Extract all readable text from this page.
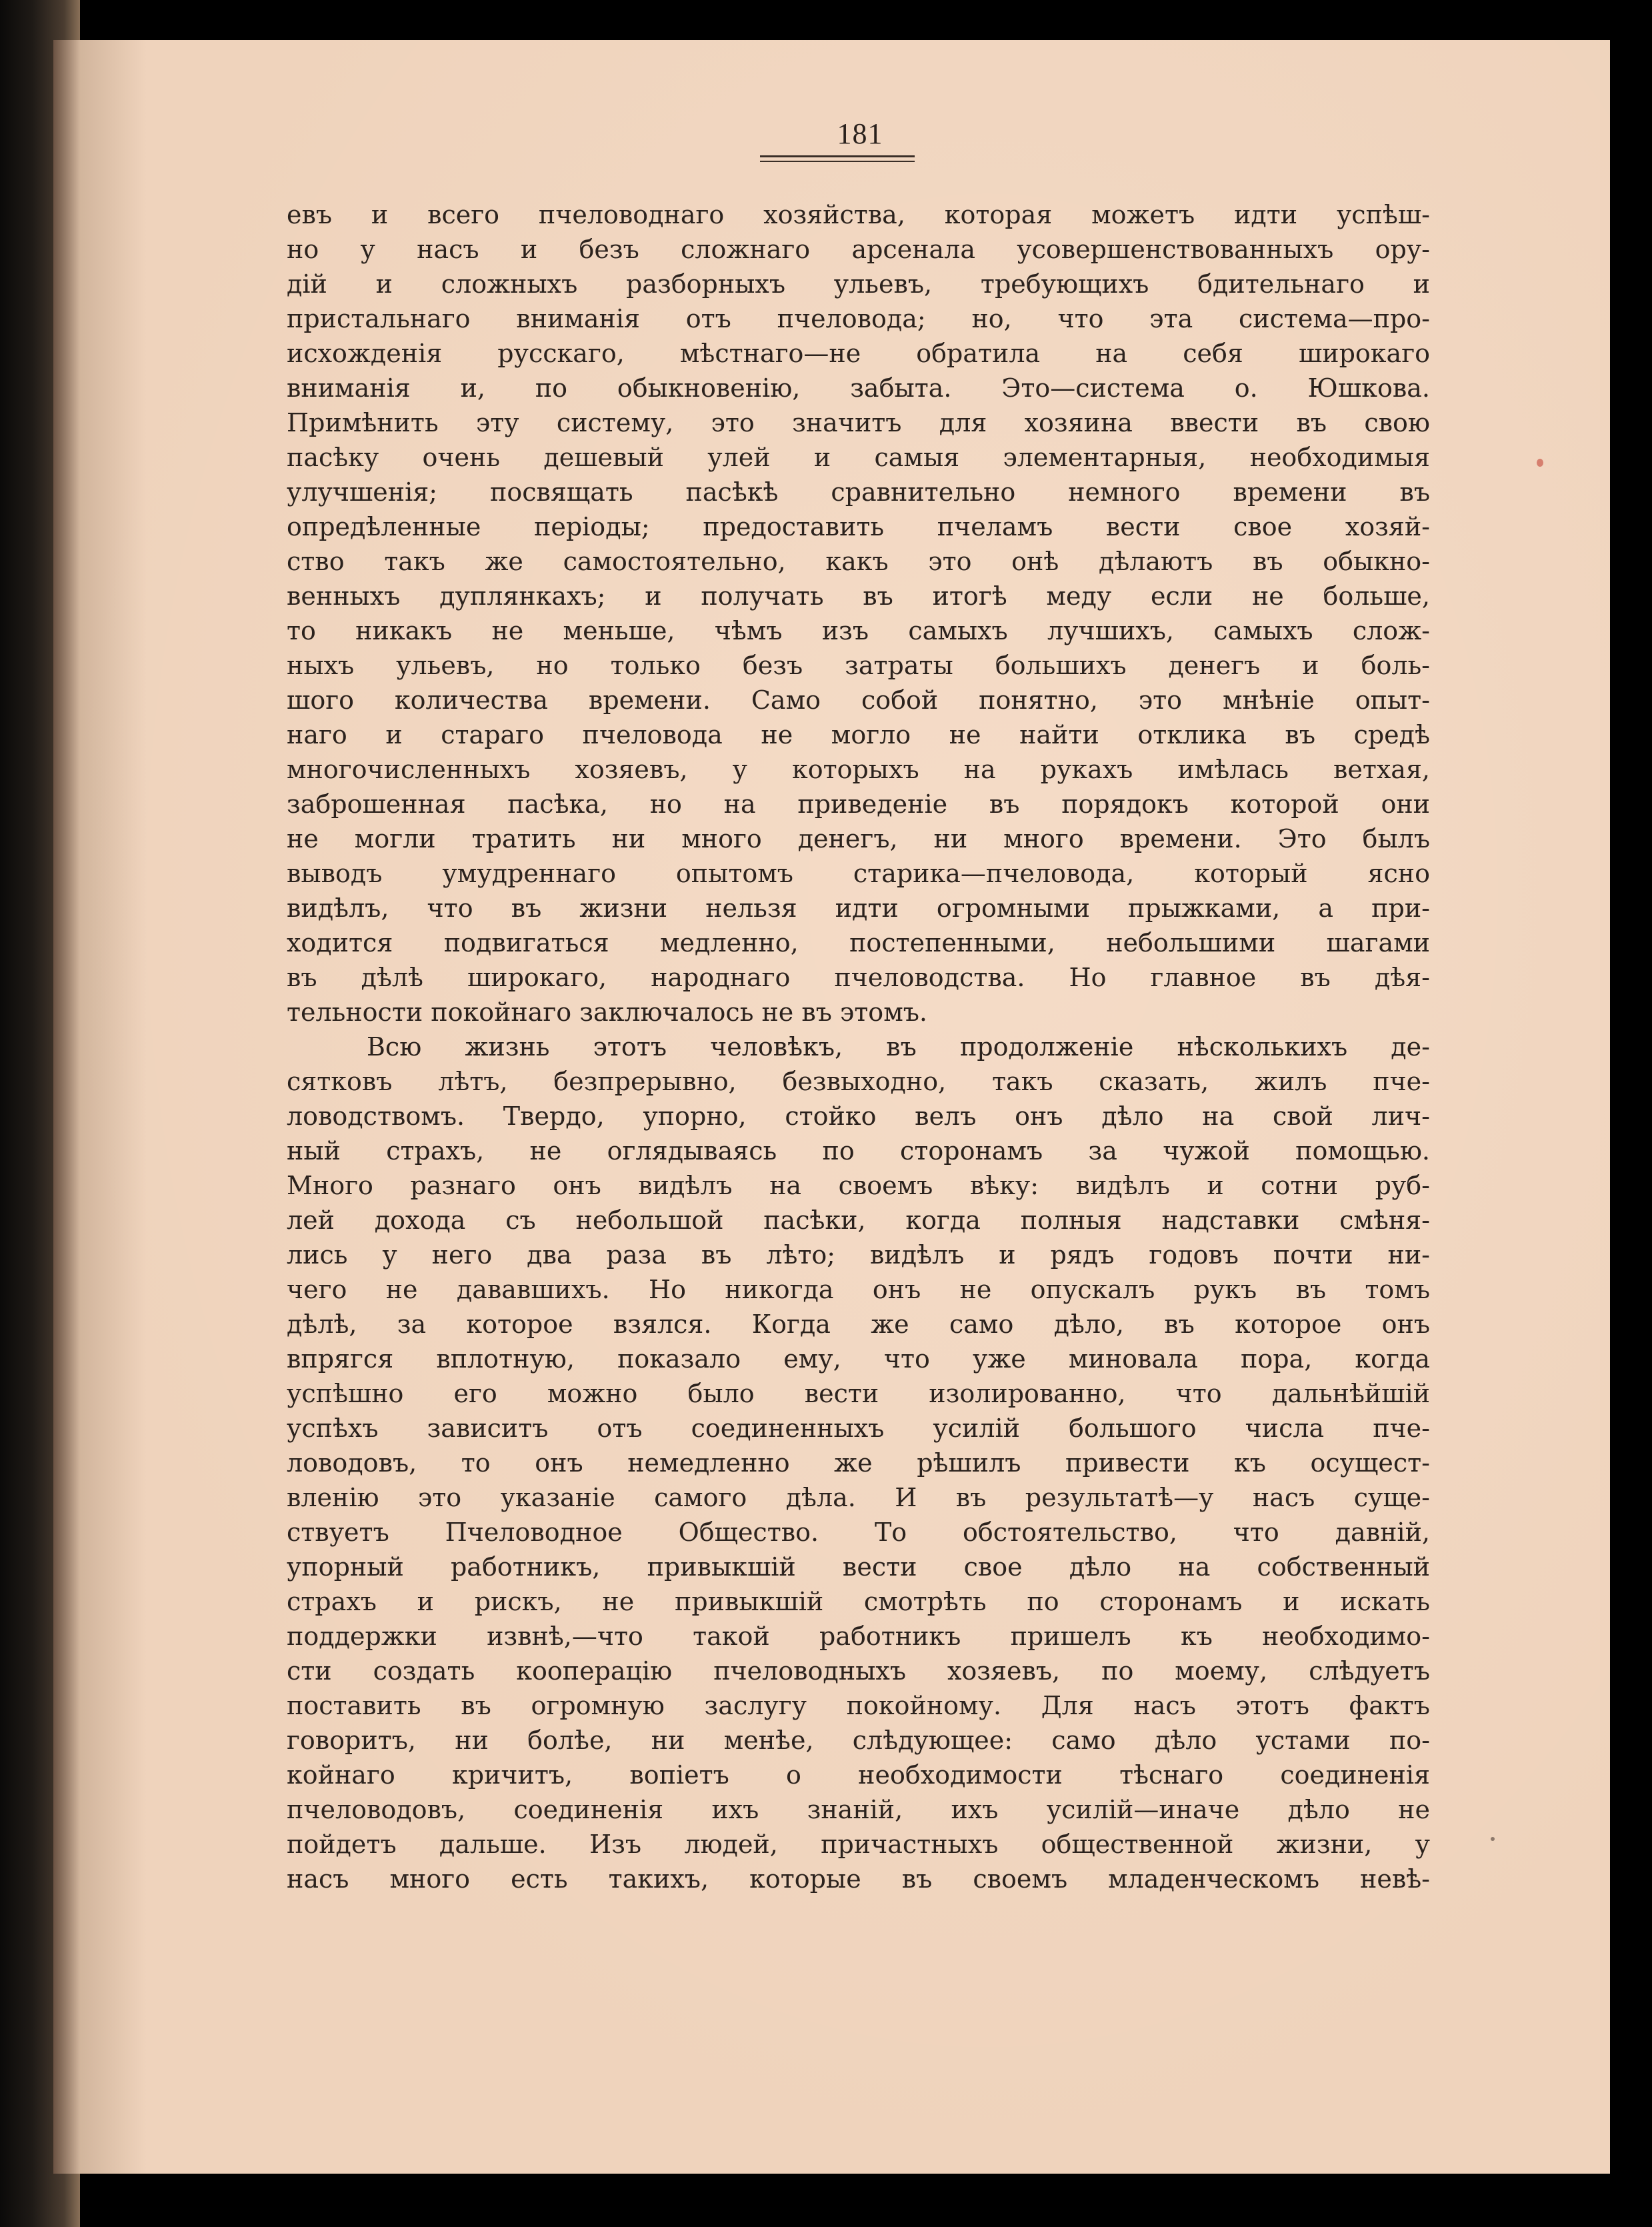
181
евъ и всего пчеловоднаго хозяйства, которая можетъ идти успѣш-
но у насъ и безъ сложнаго арсенала усовершенствованныхъ ору-
дій и сложныхъ разборныхъ ульевъ, требующихъ бдительнаго и
пристальнаго вниманія отъ пчеловода; но, что эта система—про-
исхожденія русскаго, мѣстнаго—не обратила на себя широкаго
вниманія и, по обыкновенію, забыта. Это—система о. Юшкова.
Примѣнить эту систему, это значитъ для хозяина ввести въ свою
пасѣку очень дешевый улей и самыя элементарныя, необходимыя
улучшенія; посвящать пасѣкѣ сравнительно немного времени въ
опредѣленные періоды; предоставить пчеламъ вести свое хозяй-
ство такъ же самостоятельно, какъ это онѣ дѣлаютъ въ обыкно-
венныхъ дуплянкахъ; и получать въ итогѣ меду если не больше,
то никакъ не меньше, чѣмъ изъ самыхъ лучшихъ, самыхъ слож-
ныхъ ульевъ, но только безъ затраты большихъ денегъ и боль-
шого количества времени. Само собой понятно, это мнѣніе опыт-
наго и стараго пчеловода не могло не найти отклика въ средѣ
многочисленныхъ хозяевъ, у которыхъ на рукахъ имѣлась ветхая,
заброшенная пасѣка, но на приведеніе въ порядокъ которой они
не могли тратить ни много денегъ, ни много времени. Это былъ
выводъ умудреннаго опытомъ старика—пчеловода, который ясно
видѣлъ, что въ жизни нельзя идти огромными прыжками, а при-
ходится подвигаться медленно, постепенными, небольшими шагами
въ дѣлѣ широкаго, народнаго пчеловодства. Но главное въ дѣя-
тельности покойнаго заключалось не въ этомъ.
Всю жизнь этотъ человѣкъ, въ продолженіе нѣсколькихъ де-
сятковъ лѣтъ, безпрерывно, безвыходно, такъ сказать, жилъ пче-
ловодствомъ. Твердо, упорно, стойко велъ онъ дѣло на свой лич-
ный страхъ, не оглядываясь по сторонамъ за чужой помощью.
Много разнаго онъ видѣлъ на своемъ вѣку: видѣлъ и сотни руб-
лей дохода съ небольшой пасѣки, когда полныя надставки смѣня-
лись у него два раза въ лѣто; видѣлъ и рядъ годовъ почти ни-
чего не дававшихъ. Но никогда онъ не опускалъ рукъ въ томъ
дѣлѣ, за которое взялся. Когда же само дѣло, въ которое онъ
впрягся вплотную, показало ему, что уже миновала пора, когда
успѣшно его можно было вести изолированно, что дальнѣйшій
успѣхъ зависитъ отъ соединенныхъ усилій большого числа пче-
ловодовъ, то онъ немедленно же рѣшилъ привести къ осущест-
вленію это указаніе самого дѣла. И въ результатѣ—у насъ суще-
ствуетъ Пчеловодное Общество. То обстоятельство, что давній,
упорный работникъ, привыкшій вести свое дѣло на собственный
страхъ и рискъ, не привыкшій смотрѣть по сторонамъ и искать
поддержки извнѣ,—что такой работникъ пришелъ къ необходимо-
сти создать кооперацію пчеловодныхъ хозяевъ, по моему, слѣдуетъ
поставить въ огромную заслугу покойному. Для насъ этотъ фактъ
говоритъ, ни болѣе, ни менѣе, слѣдующее: само дѣло устами по-
койнаго кричитъ, вопіетъ о необходимости тѣснаго соединенія
пчеловодовъ, соединенія ихъ знаній, ихъ усилій—иначе дѣло не
пойдетъ дальше. Изъ людей, причастныхъ общественной жизни, у
насъ много есть такихъ, которые въ своемъ младенческомъ невѣ-
